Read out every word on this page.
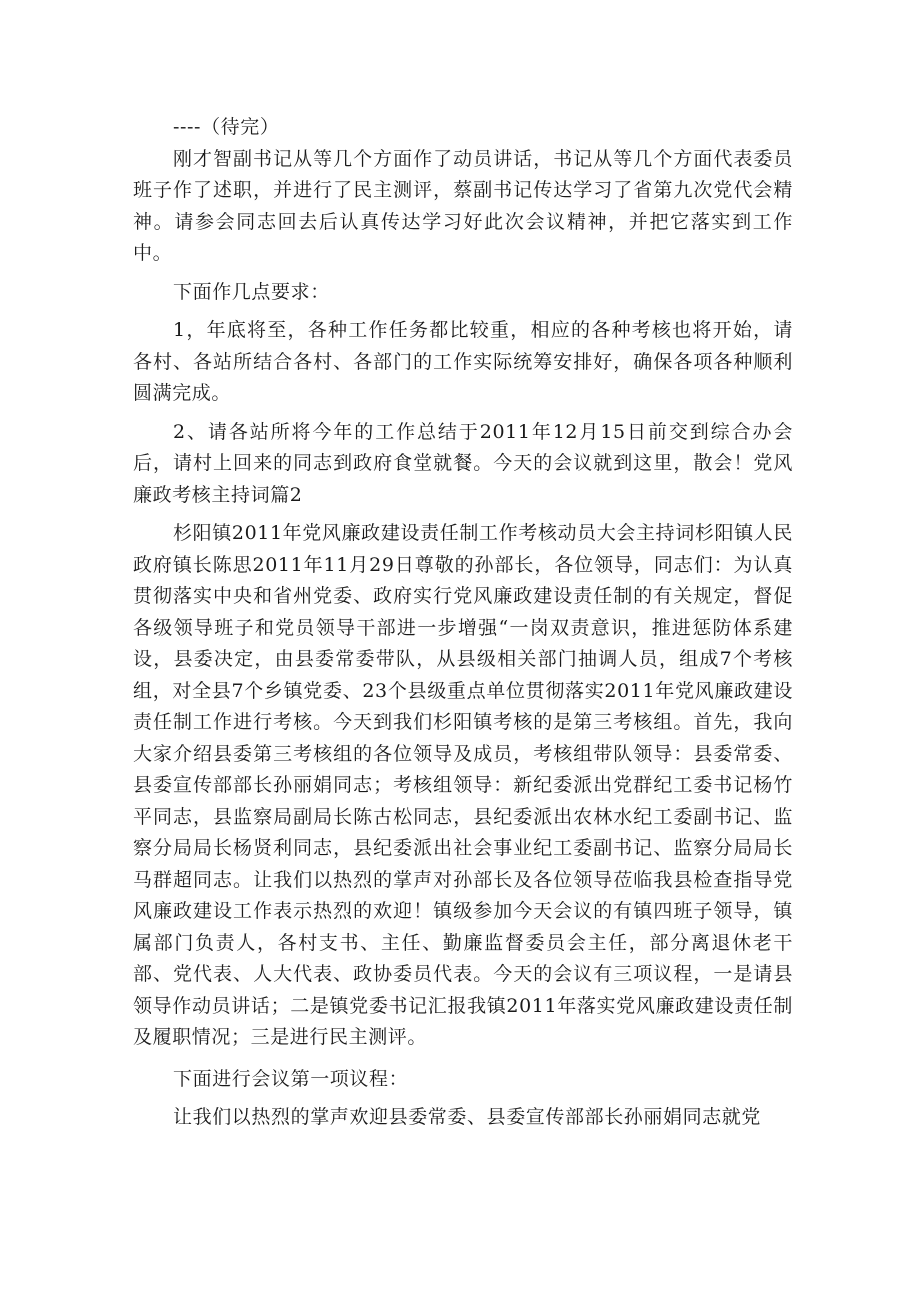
----（待完）

刚才智副书记从等几个方面作了动员讲话，书记从等几个方面代表委员班子作了述职，并进行了民主测评，蔡副书记传达学习了省第九次党代会精神。请参会同志回去后认真传达学习好此次会议精神，并把它落实到工作中。

下面作几点要求：

1，年底将至，各种工作任务都比较重，相应的各种考核也将开始，请各村、各站所结合各村、各部门的工作实际统筹安排好，确保各项各种顺利圆满完成。

2、请各站所将今年的工作总结于2011年12月15日前交到综合办会后，请村上回来的同志到政府食堂就餐。今天的会议就到这里，散会！党风廉政考核主持词篇2

杉阳镇2011年党风廉政建设责任制工作考核动员大会主持词杉阳镇人民政府镇长陈思2011年11月29日尊敬的孙部长，各位领导，同志们：为认真贯彻落实中央和省州党委、政府实行党风廉政建设责任制的有关规定，督促各级领导班子和党员领导干部进一步增强“一岗双责意识，推进惩防体系建设，县委决定，由县委常委带队，从县级相关部门抽调人员，组成7个考核组，对全县7个乡镇党委、23个县级重点单位贯彻落实2011年党风廉政建设责任制工作进行考核。今天到我们杉阳镇考核的是第三考核组。首先，我向大家介绍县委第三考核组的各位领导及成员，考核组带队领导：县委常委、县委宣传部部长孙丽娟同志；考核组领导：新纪委派出党群纪工委书记杨竹平同志，县监察局副局长陈古松同志，县纪委派出农林水纪工委副书记、监察分局局长杨贤利同志，县纪委派出社会事业纪工委副书记、监察分局局长马群超同志。让我们以热烈的掌声对孙部长及各位领导莅临我县检查指导党风廉政建设工作表示热烈的欢迎！镇级参加今天会议的有镇四班子领导，镇属部门负责人，各村支书、主任、勤廉监督委员会主任，部分离退休老干部、党代表、人大代表、政协委员代表。今天的会议有三项议程，一是请县领导作动员讲话；二是镇党委书记汇报我镇2011年落实党风廉政建设责任制及履职情况；三是进行民主测评。

下面进行会议第一项议程：

让我们以热烈的掌声欢迎县委常委、县委宣传部部长孙丽娟同志就党
